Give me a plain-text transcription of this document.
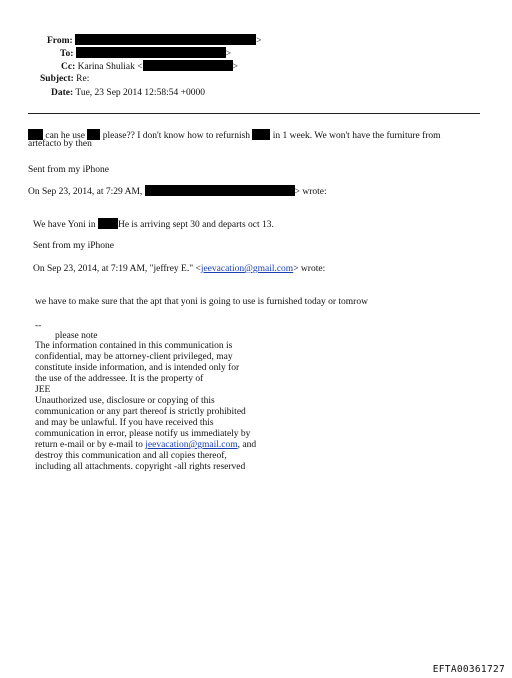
From:	>
To:	>
Cc: Karina Shuliak <	>
Subject: Re:
Date: Tue, 23 Sep 2014 12:58:54 +0000
can he use please?? I don't know how to refurnish in 1 week. We won't have the furniture from
artefacto by then
Sent from my iPhone
On Sep 23, 2014, at 7:29 AM,	> wrote:
We have Yoni in He is arriving sept 30 and departs oct 13.
Sent from my iPhone
On Sep 23, 2014, at 7:19 AM, "jeffrey E." <jeevacation@gmail.com> wrote:
we have to make sure that the apt that yoni is going to use is furnished today or tomrow
--
please note
The information contained in this communication is
confidential, may be attorney-client privileged, may
constitute inside information, and is intended only for
the use of the addressee. It is the property of
JEE
Unauthorized use, disclosure or copying of this
communication or any part thereof is strictly prohibited
and may be unlawful. If you have received this
communication in error, please notify us immediately by
return e-mail or by e-mail to jeevacation@gmail.com, and
destroy this communication and all copies thereof,
including all attachments. copyright -all rights reserved
EFTA00361727
